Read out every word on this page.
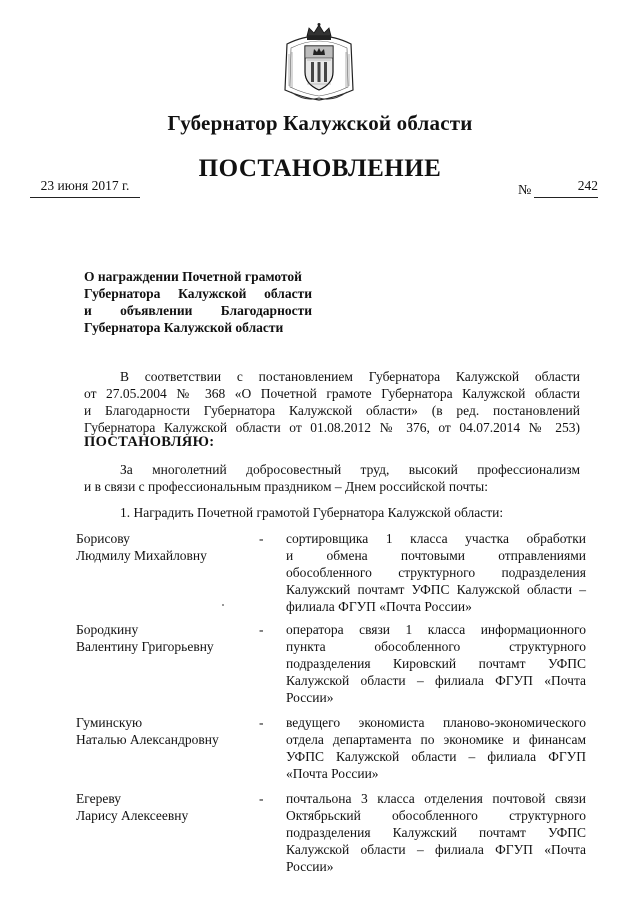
Губернатор Калужской области
ПОСТАНОВЛЕНИЕ
23 июня 2017 г.	№	242
О награждении Почетной грамотой
Губернатора Калужской области
и объявлении Благодарности
Губернатора Калужской области
В соответствии с постановлением Губернатора Калужской области
от 27.05.2004 № 368 «О Почетной грамоте Губернатора Калужской области
и Благодарности Губернатора Калужской области» (в ред. постановлений
Губернатора Калужской области от 01.08.2012 № 376, от 04.07.2014 № 253)
ПОСТАНОВЛЯЮ:
За многолетний добросовестный труд, высокий профессионализм
и в связи с профессиональным праздником – Днем российской почты:
1. Наградить Почетной грамотой Губернатора Калужской области:
Борисову
Людмилу Михайловну
- сортировщика 1 класса участка обработки
и обмена почтовыми отправлениями
обособленного структурного подразделения
Калужский почтамт УФПС Калужской области –
филиала ФГУП «Почта России»
Бородкину
Валентину Григорьевну
- оператора связи 1 класса информационного
пункта обособленного структурного
подразделения Кировский почтамт УФПС
Калужской области – филиала ФГУП «Почта
России»
Гуминскую
Наталью Александровну
- ведущего экономиста планово-экономического
отдела департамента по экономике и финансам
УФПС Калужской области – филиала ФГУП
«Почта России»
Егереву
Ларису Алексеевну
- почтальона 3 класса отделения почтовой связи
Октябрьский обособленного структурного
подразделения Калужский почтамт УФПС
Калужской области – филиала ФГУП «Почта
России»
